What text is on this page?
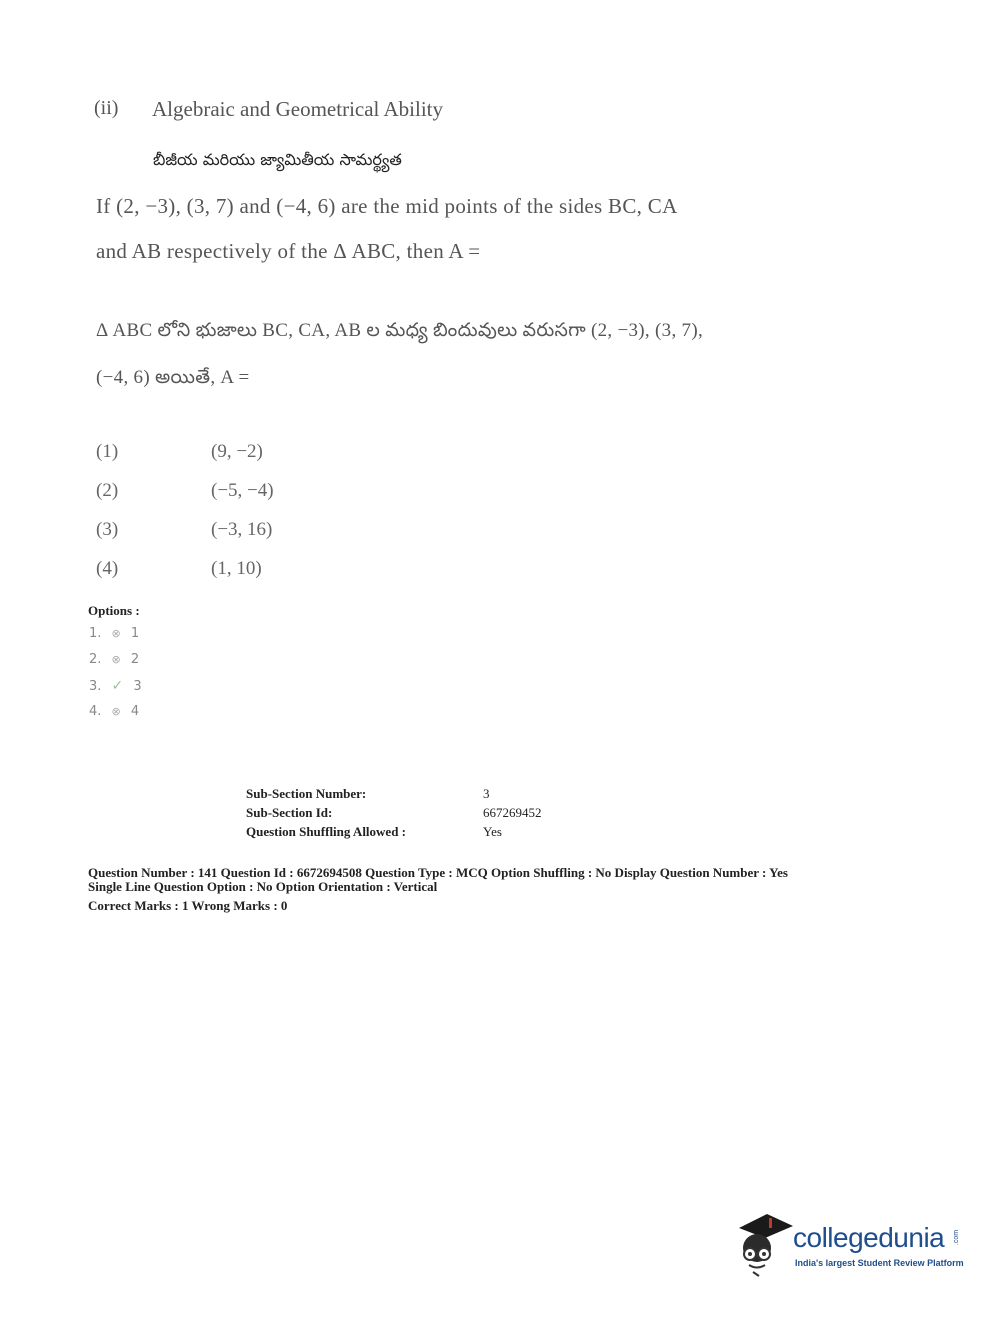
(ii) Algebraic and Geometrical Ability
బీజీయ మరియు జ్యామితీయ సామర్థ్యత
If (2, −3), (3, 7) and (−4, 6) are the mid points of the sides BC, CA
and AB respectively of the Δ ABC, then A =
Δ ABC లోని భుజాలు BC, CA, AB ల మధ్య బిందువులు వరుసగా (2, −3), (3, 7),
(−4, 6) అయితే, A =
(1)	(9, −2)
(2)	(−5, −4)
(3)	(−3, 16)
(4)	(1, 10)
Options :
1. ⊗ 1
2. ⊗ 2
3. ✓ 3
4. ⊗ 4
Sub-Section Number:	3
Sub-Section Id:	667269452
Question Shuffling Allowed :	Yes
Question Number : 141 Question Id : 6672694508 Question Type : MCQ Option Shuffling : No Display Question Number : Yes
Single Line Question Option : No Option Orientation : Vertical
Correct Marks : 1 Wrong Marks : 0
collegedunia .com
India's largest Student Review Platform
